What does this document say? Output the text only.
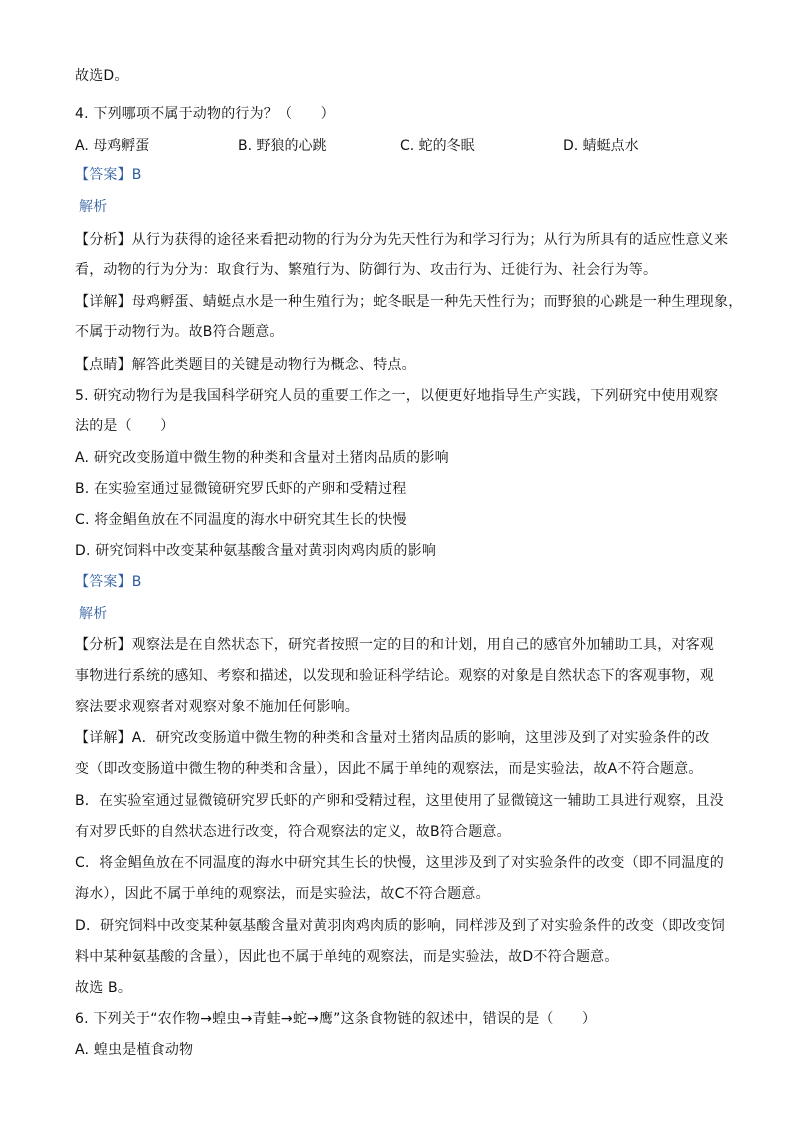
故选D。
4. 下列哪项不属于动物的行为？（　　）
A. 母鸡孵蛋	B. 野狼的心跳	C. 蛇的冬眠	D. 蜻蜓点水
【答案】B
解析
【分析】从行为获得的途径来看把动物的行为分为先天性行为和学习行为；从行为所具有的适应性意义来
看，动物的行为分为：取食行为、繁殖行为、防御行为、攻击行为、迁徙行为、社会行为等。
【详解】母鸡孵蛋、蜻蜓点水是一种生殖行为；蛇冬眠是一种先天性行为；而野狼的心跳是一种生理现象，
不属于动物行为。故B符合题意。
【点睛】解答此类题目的关键是动物行为概念、特点。
5. 研究动物行为是我国科学研究人员的重要工作之一，以便更好地指导生产实践，下列研究中使用观察
法的是（　　）
A. 研究改变肠道中微生物的种类和含量对土猪肉品质的影响
B. 在实验室通过显微镜研究罗氏虾的产卵和受精过程
C. 将金鲳鱼放在不同温度的海水中研究其生长的快慢
D. 研究饲料中改变某种氨基酸含量对黄羽肉鸡肉质的影响
【答案】B
解析
【分析】观察法是在自然状态下，研究者按照一定的目的和计划，用自己的感官外加辅助工具，对客观
事物进行系统的感知、考察和描述，以发现和验证科学结论。观察的对象是自然状态下的客观事物，观
察法要求观察者对观察对象不施加任何影响。
【详解】A．研究改变肠道中微生物的种类和含量对土猪肉品质的影响，这里涉及到了对实验条件的改
变（即改变肠道中微生物的种类和含量），因此不属于单纯的观察法，而是实验法，故A不符合题意。
B．在实验室通过显微镜研究罗氏虾的产卵和受精过程，这里使用了显微镜这一辅助工具进行观察，且没
有对罗氏虾的自然状态进行改变，符合观察法的定义，故B符合题意。
C．将金鲳鱼放在不同温度的海水中研究其生长的快慢，这里涉及到了对实验条件的改变（即不同温度的
海水），因此不属于单纯的观察法，而是实验法，故C不符合题意。
D．研究饲料中改变某种氨基酸含量对黄羽肉鸡肉质的影响，同样涉及到了对实验条件的改变（即改变饲
料中某种氨基酸的含量），因此也不属于单纯的观察法，而是实验法，故D不符合题意。
故选 B。
6. 下列关于“农作物→蝗虫→青蛙→蛇→鹰”这条食物链的叙述中，错误的是（　　）
A. 蝗虫是植食动物
